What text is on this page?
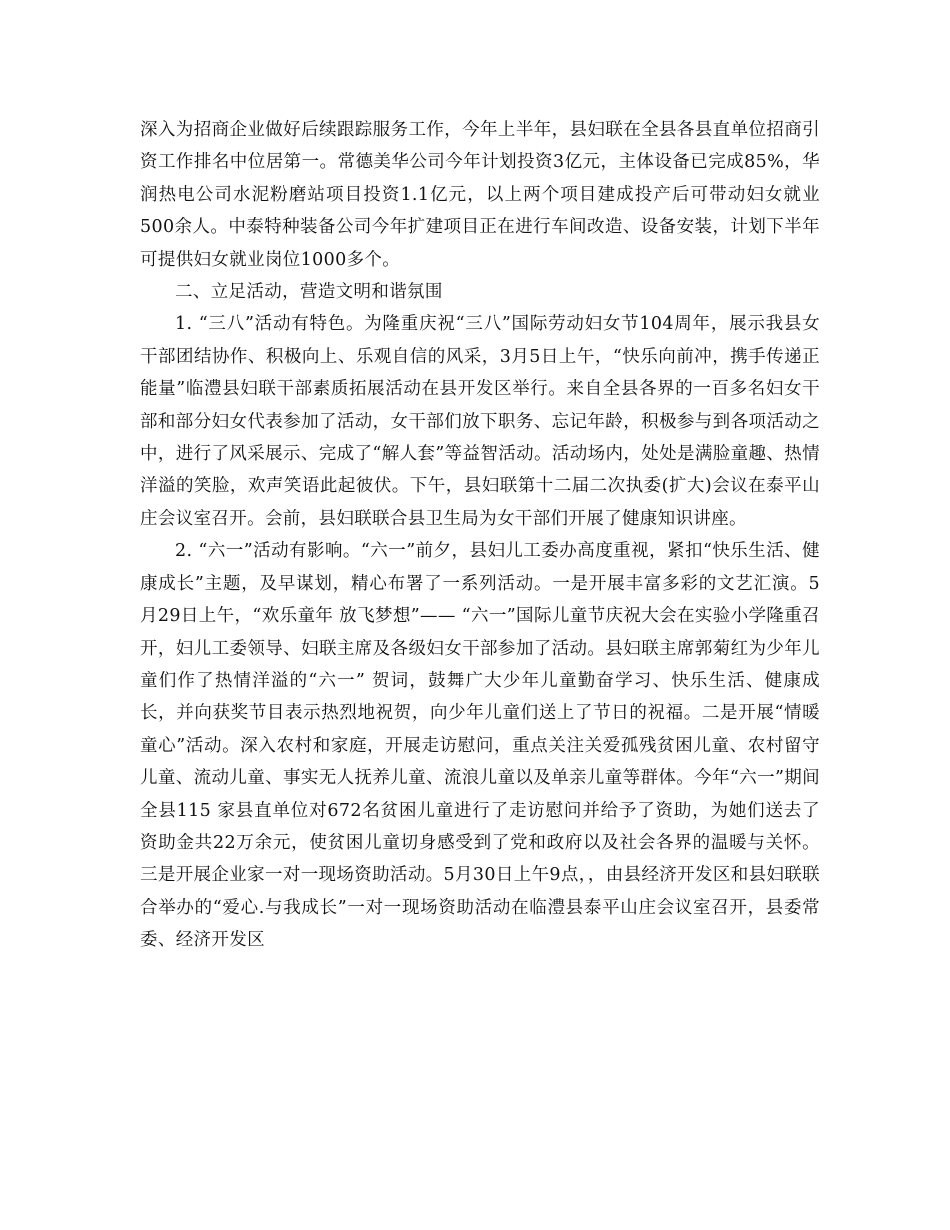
深入为招商企业做好后续跟踪服务工作，今年上半年，县妇联在全县各县直单位招商引资工作排名中位居第一。常德美华公司今年计划投资3亿元，主体设备已完成85%，华润热电公司水泥粉磨站项目投资1.1亿元，以上两个项目建成投产后可带动妇女就业500余人。中泰特种装备公司今年扩建项目正在进行车间改造、设备安装，计划下半年可提供妇女就业岗位1000多个。

二、立足活动，营造文明和谐氛围

1. “三八”活动有特色。为隆重庆祝“三八”国际劳动妇女节104周年，展示我县女干部团结协作、积极向上、乐观自信的风采，3月5日上午，“快乐向前冲，携手传递正能量”临澧县妇联干部素质拓展活动在县开发区举行。来自全县各界的一百多名妇女干部和部分妇女代表参加了活动，女干部们放下职务、忘记年龄，积极参与到各项活动之中，进行了风采展示、完成了“解人套”等益智活动。活动场内，处处是满脸童趣、热情洋溢的笑脸，欢声笑语此起彼伏。下午，县妇联第十二届二次执委(扩大)会议在泰平山庄会议室召开。会前，县妇联联合县卫生局为女干部们开展了健康知识讲座。

2. “六一”活动有影响。“六一”前夕，县妇儿工委办高度重视，紧扣“快乐生活、健康成长”主题，及早谋划，精心布署了一系列活动。一是开展丰富多彩的文艺汇演。5月29日上午，“欢乐童年 放飞梦想”—— “六一”国际儿童节庆祝大会在实验小学隆重召开，妇儿工委领导、妇联主席及各级妇女干部参加了活动。县妇联主席郭菊红为少年儿童们作了热情洋溢的“六一” 贺词，鼓舞广大少年儿童勤奋学习、快乐生活、健康成长，并向获奖节目表示热烈地祝贺，向少年儿童们送上了节日的祝福。二是开展“情暖童心”活动。深入农村和家庭，开展走访慰问，重点关注关爱孤残贫困儿童、农村留守儿童、流动儿童、事实无人抚养儿童、流浪儿童以及单亲儿童等群体。今年“六一”期间全县115 家县直单位对672名贫困儿童进行了走访慰问并给予了资助，为她们送去了资助金共22万余元，使贫困儿童切身感受到了党和政府以及社会各界的温暖与关怀。三是开展企业家一对一现场资助活动。5月30日上午9点，，由县经济开发区和县妇联联合举办的“爱心.与我成长”一对一现场资助活动在临澧县泰平山庄会议室召开，县委常委、经济开发区
